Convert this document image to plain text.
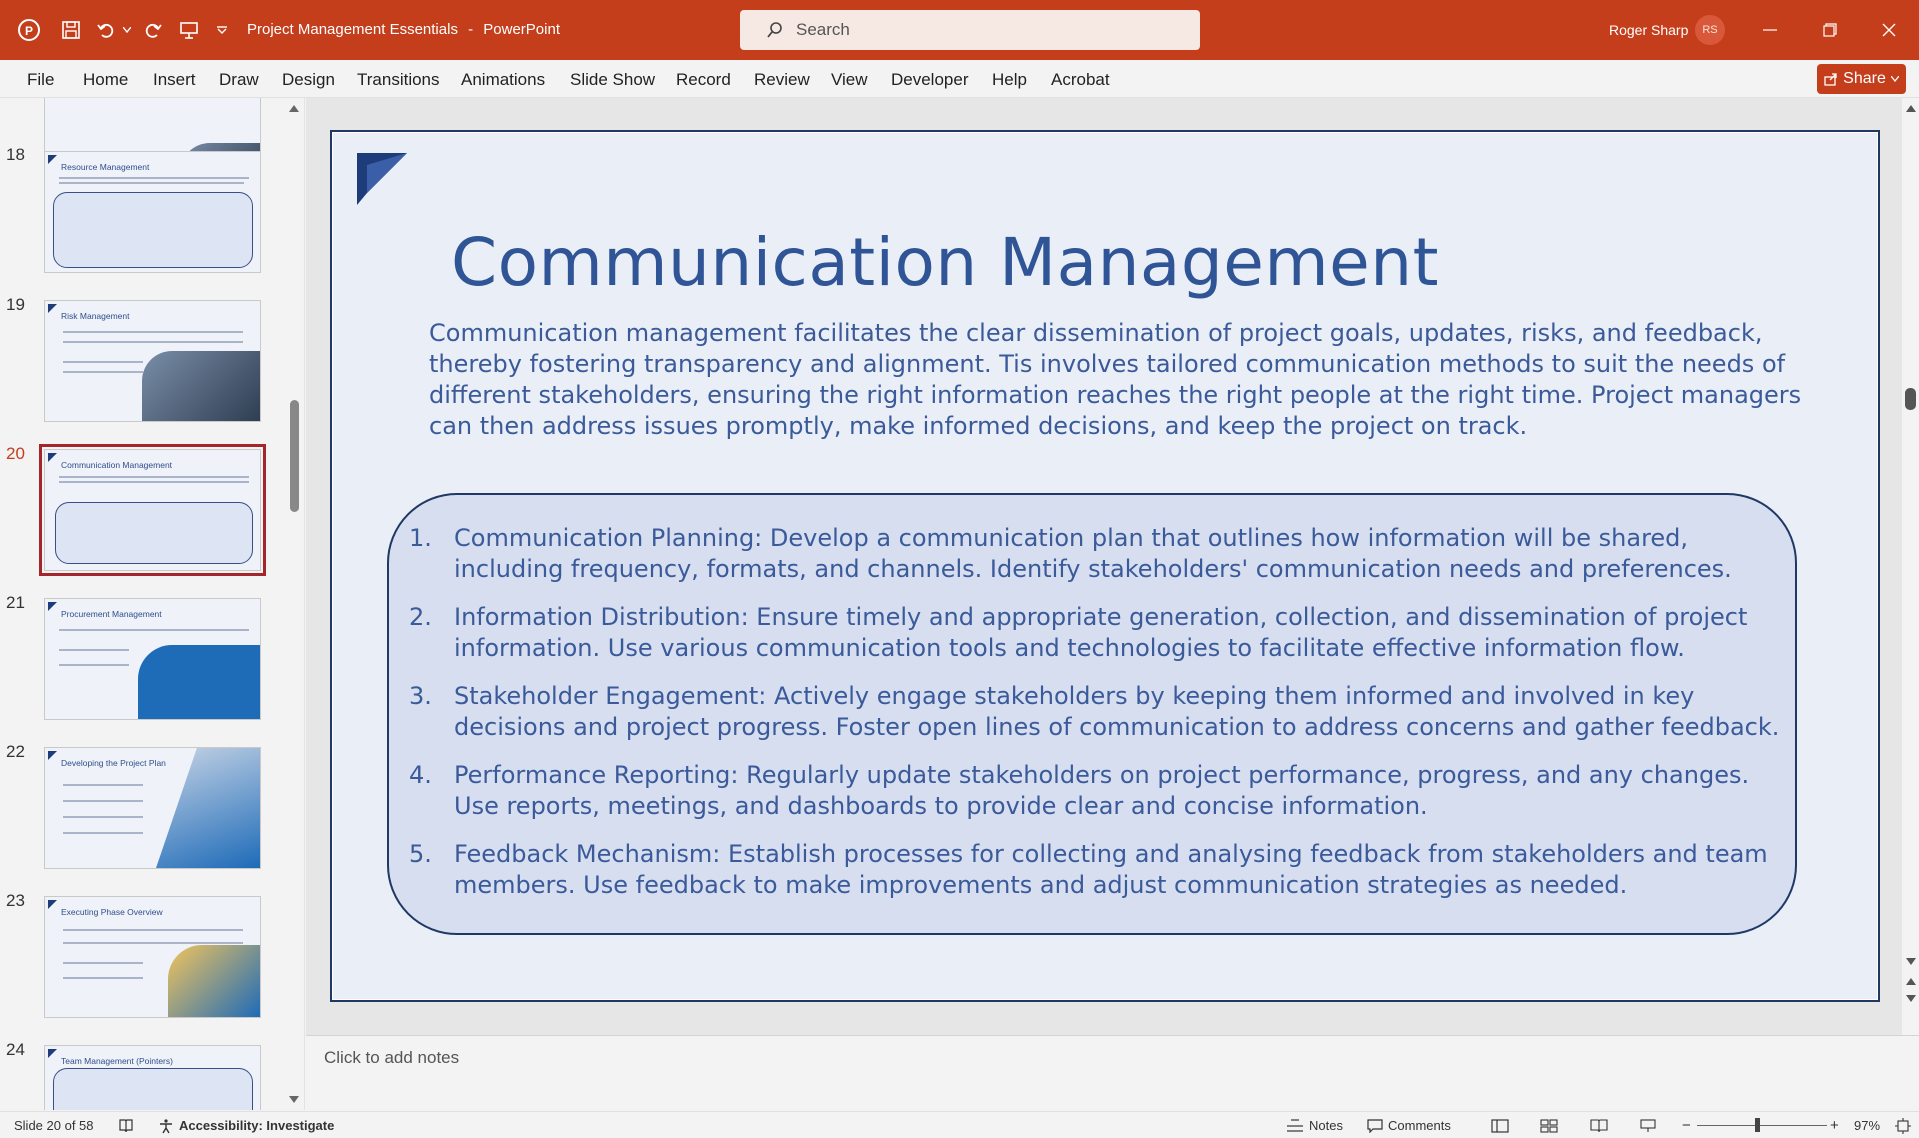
P	Project Management Essentials - PowerPoint	Search	Roger Sharp	RS
File Home Insert Draw Design Transitions Animations Slide Show Record Review View Developer Help Acrobat	Share
18
Resource Management
19
Risk Management
20
Communication Management
21
Procurement Management
22
Developing the Project Plan
23
Executing Phase Overview
24
Team Management (Pointers)
Communication Management
Communication management facilitates the clear dissemination of project goals, updates, risks, and feedback, thereby fostering transparency and alignment. Tis involves tailored communication methods to suit the needs of different stakeholders, ensuring the right information reaches the right people at the right time. Project managers can then address issues promptly, make informed decisions, and keep the project on track.
1. Communication Planning: Develop a communication plan that outlines how information will be shared, including frequency, formats, and channels. Identify stakeholders' communication needs and preferences.
2. Information Distribution: Ensure timely and appropriate generation, collection, and dissemination of project information. Use various communication tools and technologies to facilitate effective information flow.
3. Stakeholder Engagement: Actively engage stakeholders by keeping them informed and involved in key decisions and project progress. Foster open lines of communication to address concerns and gather feedback.
4. Performance Reporting: Regularly update stakeholders on project performance, progress, and any changes. Use reports, meetings, and dashboards to provide clear and concise information.
5. Feedback Mechanism: Establish processes for collecting and analysing feedback from stakeholders and team members. Use feedback to make improvements and adjust communication strategies as needed.
Click to add notes
Slide 20 of 58	Accessibility: Investigate	Notes	Comments	−	+ 97%
